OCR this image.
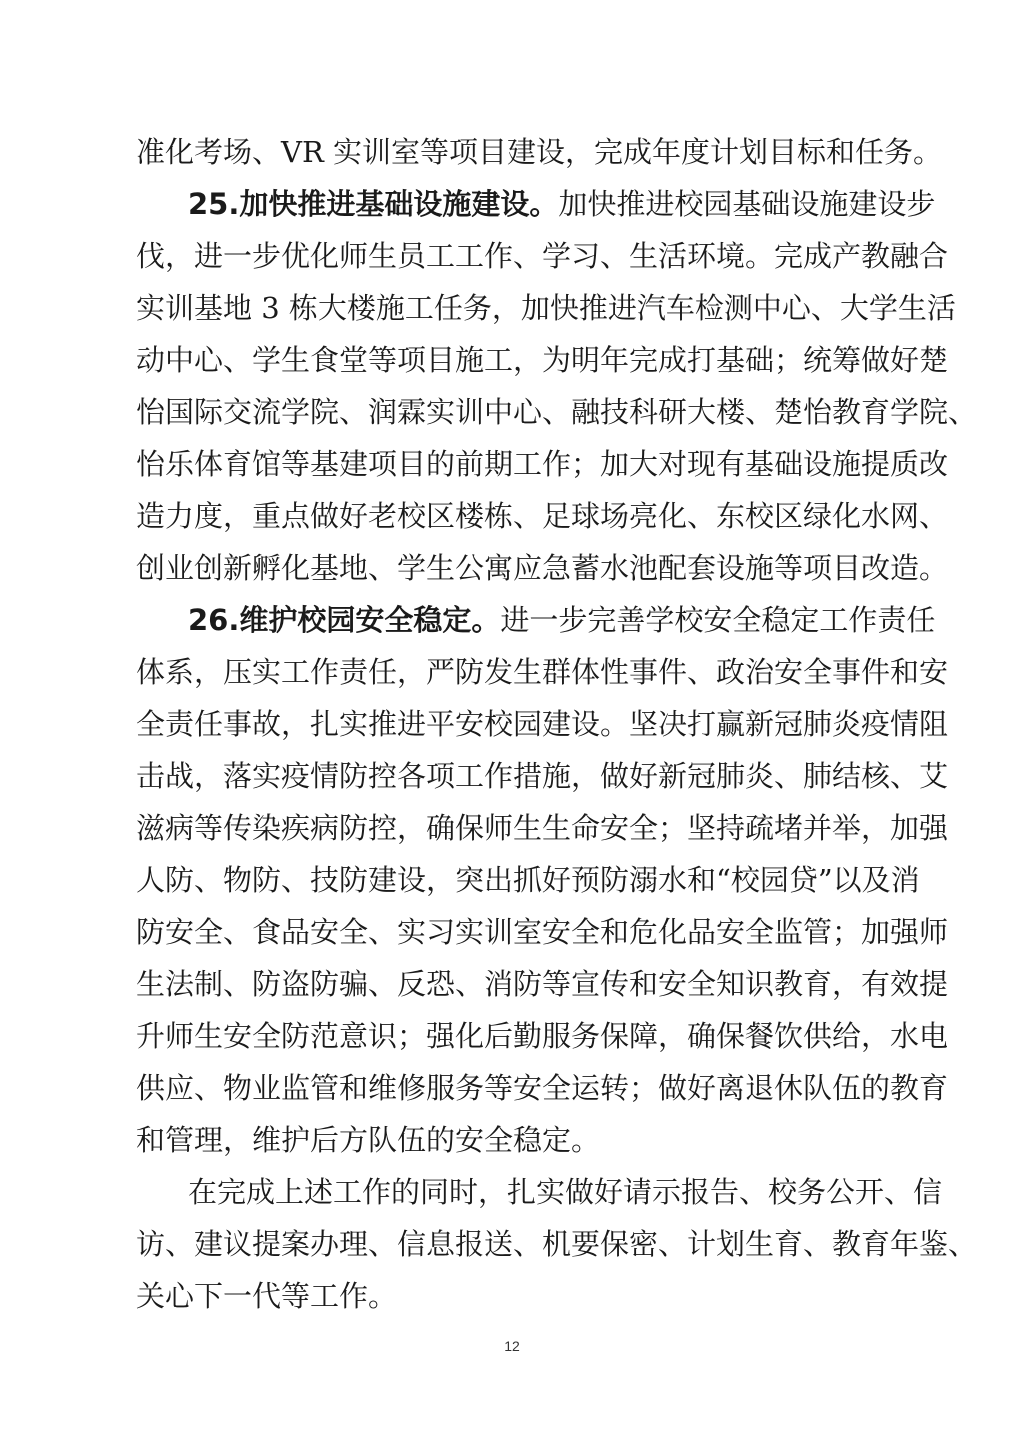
准化考场、VR 实训室等项目建设，完成年度计划目标和任务。
25.加快推进基础设施建设。加快推进校园基础设施建设步
伐，进一步优化师生员工工作、学习、生活环境。完成产教融合
实训基地 3 栋大楼施工任务，加快推进汽车检测中心、大学生活
动中心、学生食堂等项目施工，为明年完成打基础；统筹做好楚
怡国际交流学院、润霖实训中心、融技科研大楼、楚怡教育学院、
怡乐体育馆等基建项目的前期工作；加大对现有基础设施提质改
造力度，重点做好老校区楼栋、足球场亮化、东校区绿化水网、
创业创新孵化基地、学生公寓应急蓄水池配套设施等项目改造。
26.维护校园安全稳定。进一步完善学校安全稳定工作责任
体系，压实工作责任，严防发生群体性事件、政治安全事件和安
全责任事故，扎实推进平安校园建设。坚决打赢新冠肺炎疫情阻
击战，落实疫情防控各项工作措施，做好新冠肺炎、肺结核、艾
滋病等传染疾病防控，确保师生生命安全；坚持疏堵并举，加强
人防、物防、技防建设，突出抓好预防溺水和“校园贷”以及消
防安全、食品安全、实习实训室安全和危化品安全监管；加强师
生法制、防盗防骗、反恐、消防等宣传和安全知识教育，有效提
升师生安全防范意识；强化后勤服务保障，确保餐饮供给，水电
供应、物业监管和维修服务等安全运转；做好离退休队伍的教育
和管理，维护后方队伍的安全稳定。
在完成上述工作的同时，扎实做好请示报告、校务公开、信
访、建议提案办理、信息报送、机要保密、计划生育、教育年鉴、
关心下一代等工作。
12
